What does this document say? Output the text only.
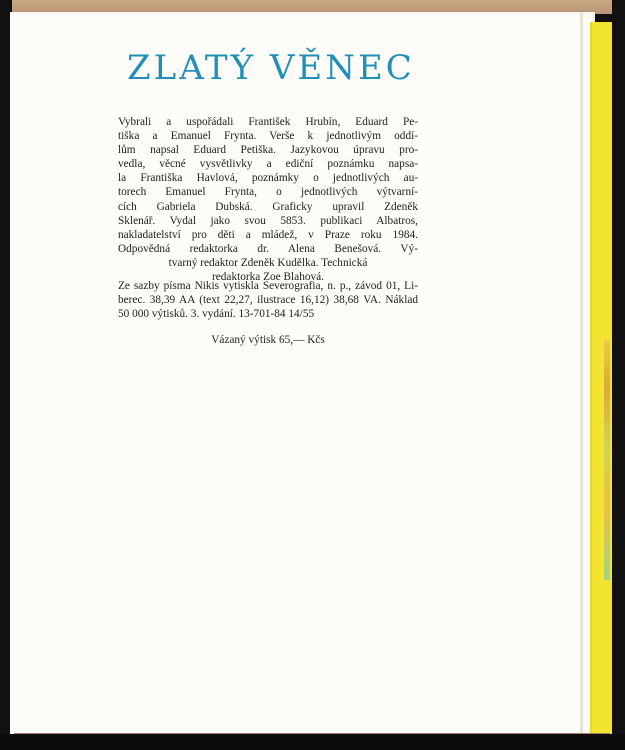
ZLATÝ VĚNEC

Vybrali a uspořádali František Hrubín, Eduard Pe-
tiška a Emanuel Frynta. Verše k jednotlivým oddí-
lům napsal Eduard Petiška. Jazykovou úpravu pro-
vedla, věcné vysvětlivky a ediční poznámku napsa-
la Františka Havlová, poznámky o jednotlivých au-
torech Emanuel Frynta, o jednotlivých výtvarní-
cích Gabriela Dubská. Graficky upravil Zdeněk
Sklenář. Vydal jako svou 5853. publikaci Albatros,
nakladatelství pro děti a mládež, v Praze roku 1984.
Odpovědná redaktorka dr. Alena Benešová. Vý-
tvarný redaktor Zdeněk Kudělka. Technická
redaktorka Zoe Blahová.

Ze sazby písma Nikis vytiskla Severografia, n. p., závod 01, Li-
berec. 38,39 AA (text 22,27, ilustrace 16,12) 38,68 VA. Náklad
50 000 výtisků. 3. vydání. 13-701-84 14/55

Vázaný výtisk 65,— Kčs
